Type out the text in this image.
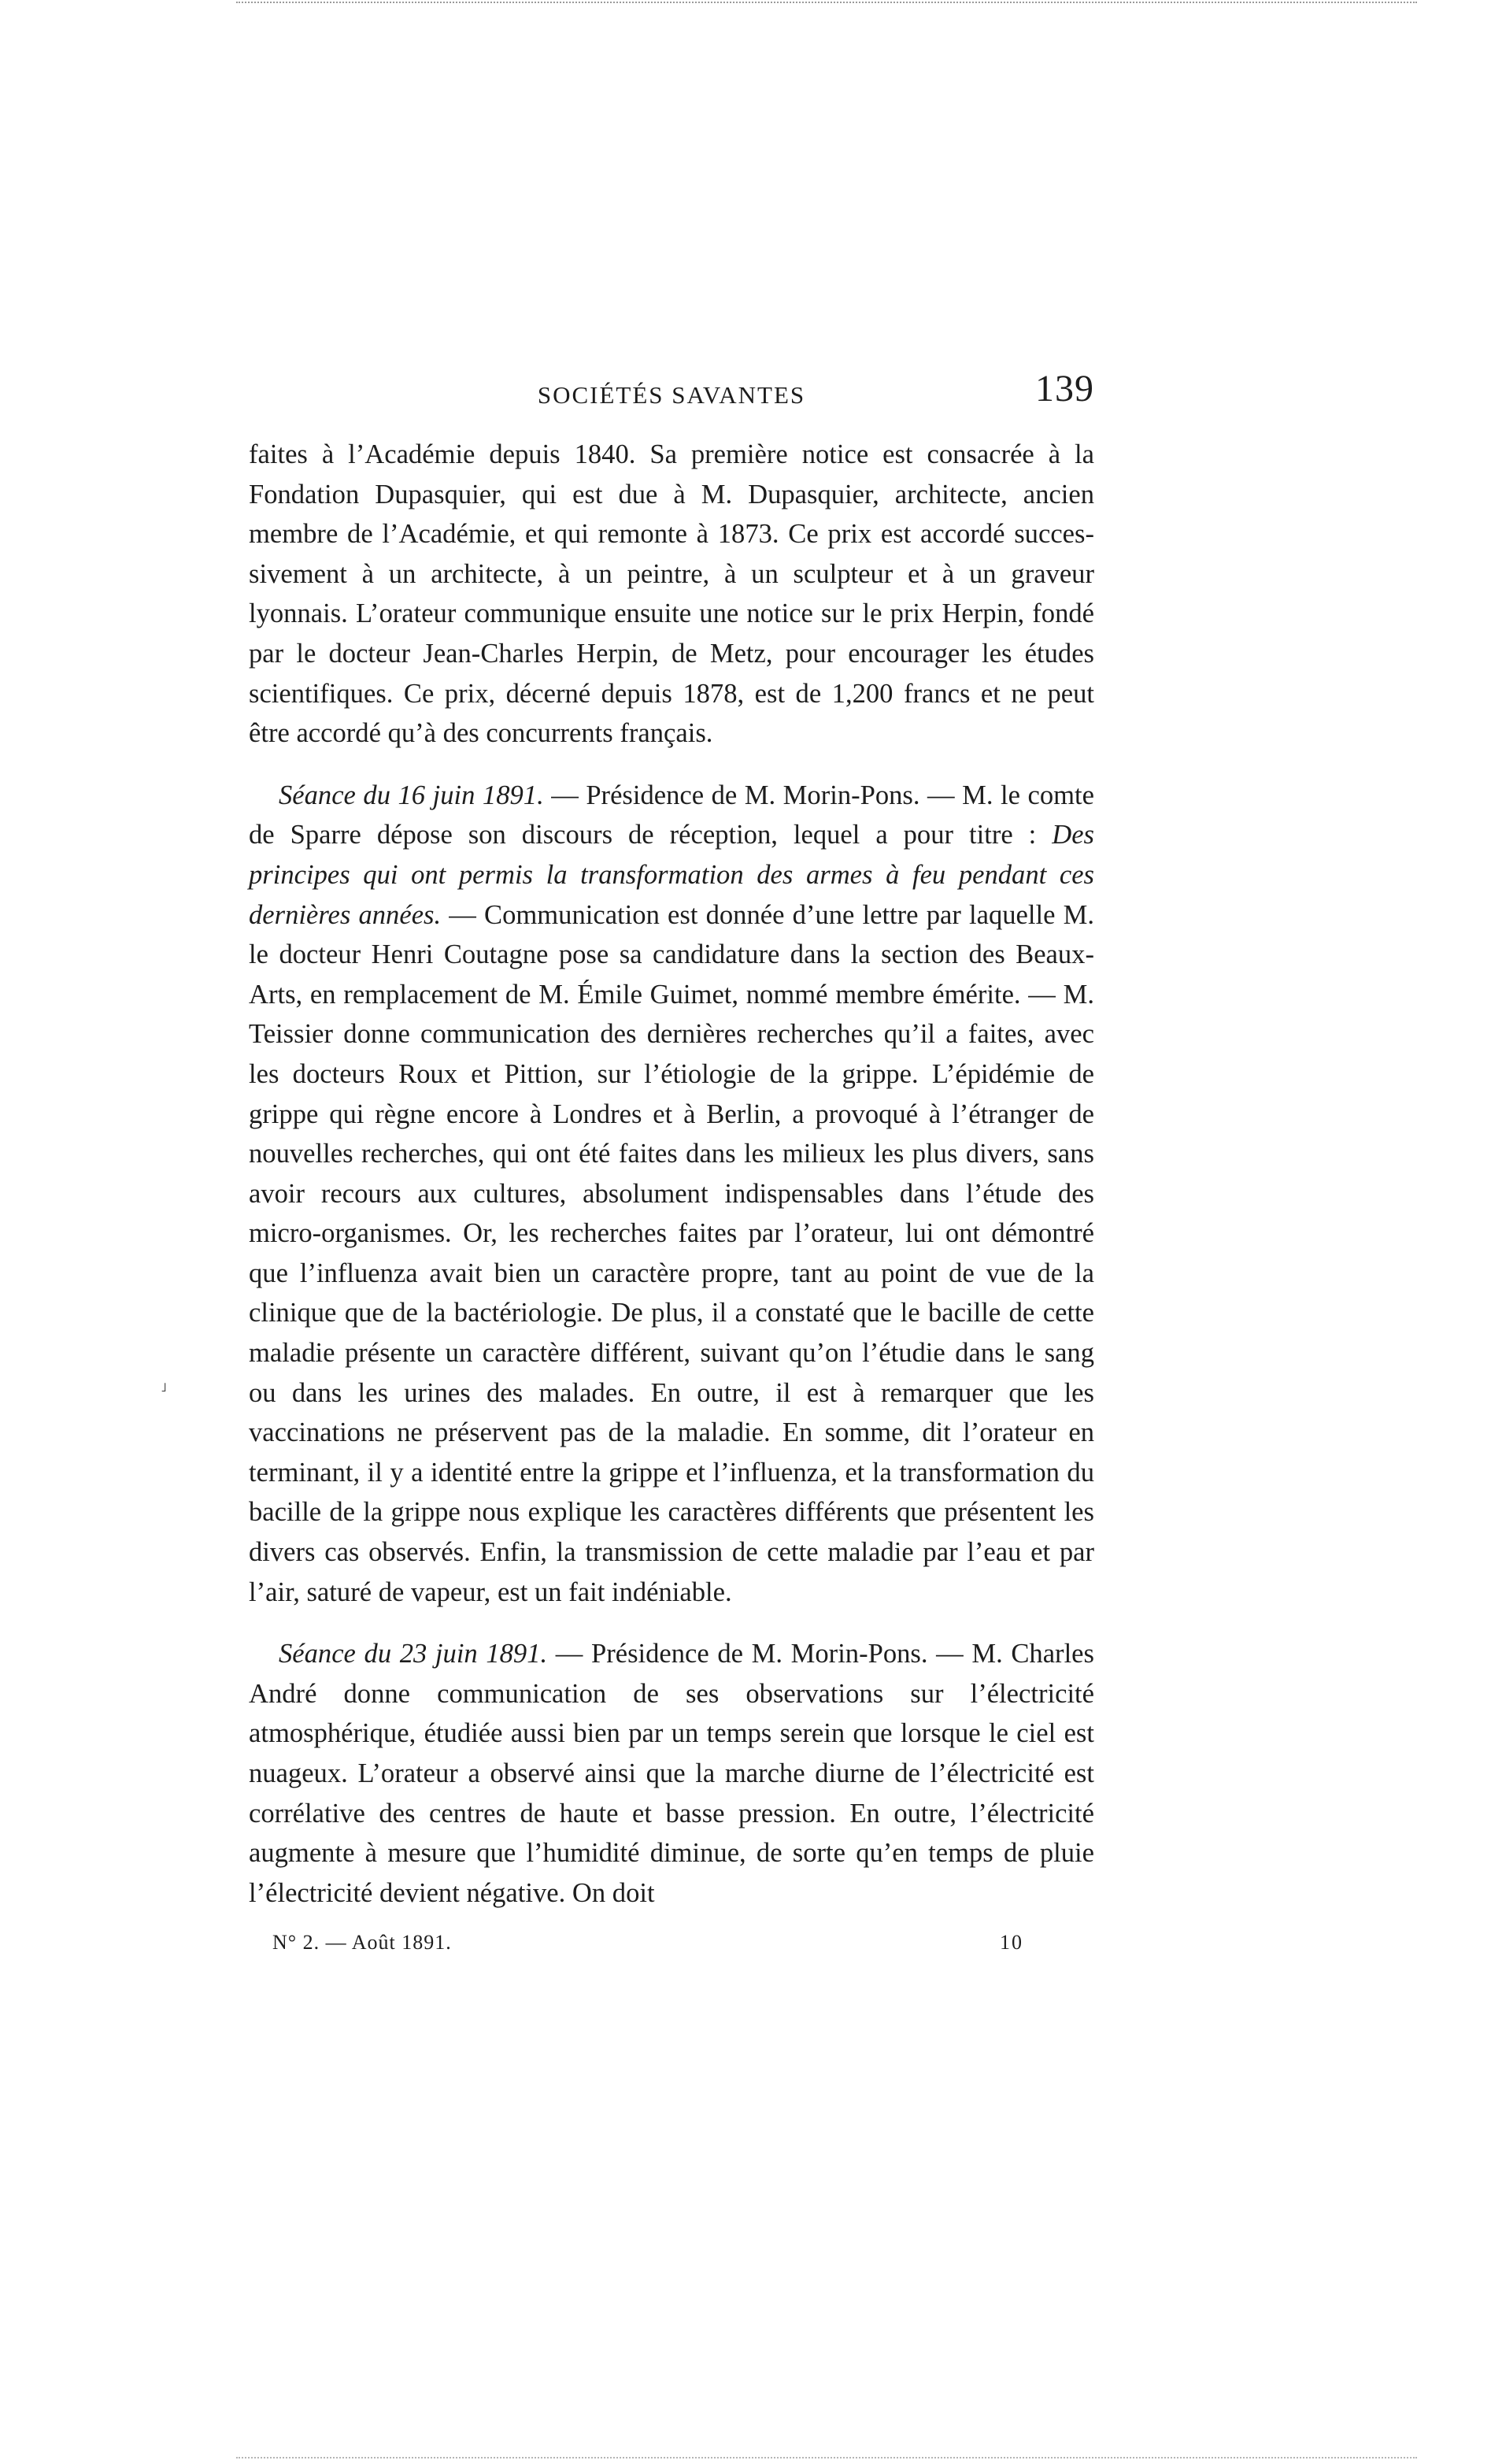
SOCIÉTÉS SAVANTES	139
˩

faites à l’Académie depuis 1840. Sa première notice est consacrée à la Fondation Dupasquier, qui est due à M. Dupasquier, architecte, ancien membre de l’Académie, et qui remonte à 1873. Ce prix est accordé successivement à un architecte, à un peintre, à un sculpteur et à un graveur lyonnais. L’orateur communique ensuite une notice sur le prix Herpin, fondé par le docteur Jean-Charles Herpin, de Metz, pour encourager les études scientifiques. Ce prix, décerné depuis 1878, est de 1,200 francs et ne peut être accordé qu’à des concurrents français.

Séance du 16 juin 1891. — Présidence de M. Morin-Pons. — M. le comte de Sparre dépose son discours de réception, lequel a pour titre : Des principes qui ont permis la transformation des armes à feu pendant ces dernières années. — Communication est donnée d’une lettre par laquelle M. le docteur Henri Coutagne pose sa candidature dans la section des Beaux-Arts, en remplacement de M. Émile Guimet, nommé membre émérite. — M. Teissier donne communication des dernières recherches qu’il a faites, avec les docteurs Roux et Pittion, sur l’étiologie de la grippe. L’épidémie de grippe qui règne encore à Londres et à Berlin, a provoqué à l’étranger de nouvelles recherches, qui ont été faites dans les milieux les plus divers, sans avoir recours aux cultures, absolument indispensables dans l’étude des micro-organismes. Or, les recherches faites par l’orateur, lui ont démontré que l’influenza avait bien un caractère propre, tant au point de vue de la clinique que de la bactériologie. De plus, il a constaté que le bacille de cette maladie présente un caractère différent, suivant qu’on l’étudie dans le sang ou dans les urines des malades. En outre, il est à remarquer que les vaccinations ne préservent pas de la maladie. En somme, dit l’orateur en terminant, il y a identité entre la grippe et l’influenza, et la transformation du bacille de la grippe nous explique les caractères différents que présentent les divers cas observés. Enfin, la transmission de cette maladie par l’eau et par l’air, saturé de vapeur, est un fait indéniable.

Séance du 23 juin 1891. — Présidence de M. Morin-Pons. — M. Charles André donne communication de ses observations sur l’électricité atmosphérique, étudiée aussi bien par un temps serein que lorsque le ciel est nuageux. L’orateur a observé ainsi que la marche diurne de l’électricité est corrélative des centres de haute et basse pression. En outre, l’électricité augmente à mesure que l’humidité diminue, de sorte qu’en temps de pluie l’électricité devient négative. On doit

N° 2. — Août 1891.	10
